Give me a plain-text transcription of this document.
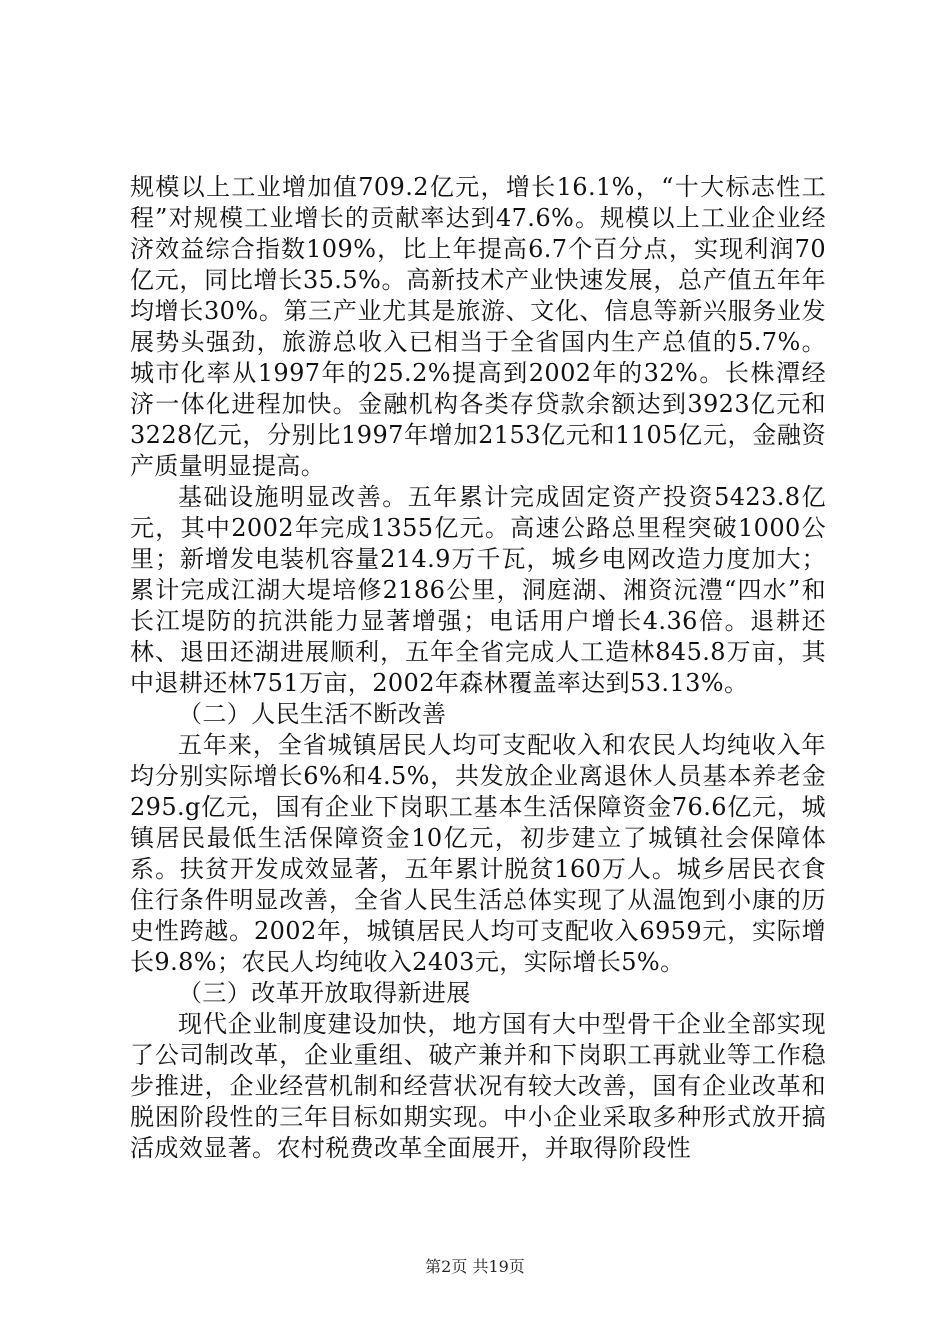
规模以上工业增加值709.2亿元，增长16.1%，“十大标志性工程”对规模工业增长的贡献率达到47.6%。规模以上工业企业经济效益综合指数109%，比上年提高6.7个百分点，实现利润70亿元，同比增长35.5%。高新技术产业快速发展，总产值五年年均增长30%。第三产业尤其是旅游、文化、信息等新兴服务业发展势头强劲，旅游总收入已相当于全省国内生产总值的5.7%。城市化率从1997年的25.2%提高到2002年的32%。长株潭经济一体化进程加快。金融机构各类存贷款余额达到3923亿元和3228亿元，分别比1997年增加2153亿元和1105亿元，金融资产质量明显提高。

基础设施明显改善。五年累计完成固定资产投资5423.8亿元，其中2002年完成1355亿元。高速公路总里程突破1000公里；新增发电装机容量214.9万千瓦，城乡电网改造力度加大；累计完成江湖大堤培修2186公里，洞庭湖、湘资沅澧“四水”和长江堤防的抗洪能力显著增强；电话用户增长4.36倍。退耕还林、退田还湖进展顺利，五年全省完成人工造林845.8万亩，其中退耕还林751万亩，2002年森林覆盖率达到53.13%。

（二）人民生活不断改善

五年来，全省城镇居民人均可支配收入和农民人均纯收入年均分别实际增长6%和4.5%，共发放企业离退休人员基本养老金295.g亿元，国有企业下岗职工基本生活保障资金76.6亿元，城镇居民最低生活保障资金10亿元，初步建立了城镇社会保障体系。扶贫开发成效显著，五年累计脱贫160万人。城乡居民衣食住行条件明显改善，全省人民生活总体实现了从温饱到小康的历史性跨越。2002年，城镇居民人均可支配收入6959元，实际增长9.8%；农民人均纯收入2403元，实际增长5%。

（三）改革开放取得新进展

现代企业制度建设加快，地方国有大中型骨干企业全部实现了公司制改革，企业重组、破产兼并和下岗职工再就业等工作稳步推进，企业经营机制和经营状况有较大改善，国有企业改革和脱困阶段性的三年目标如期实现。中小企业采取多种形式放开搞活成效显著。农村税费改革全面展开，并取得阶段性

第2页 共19页
